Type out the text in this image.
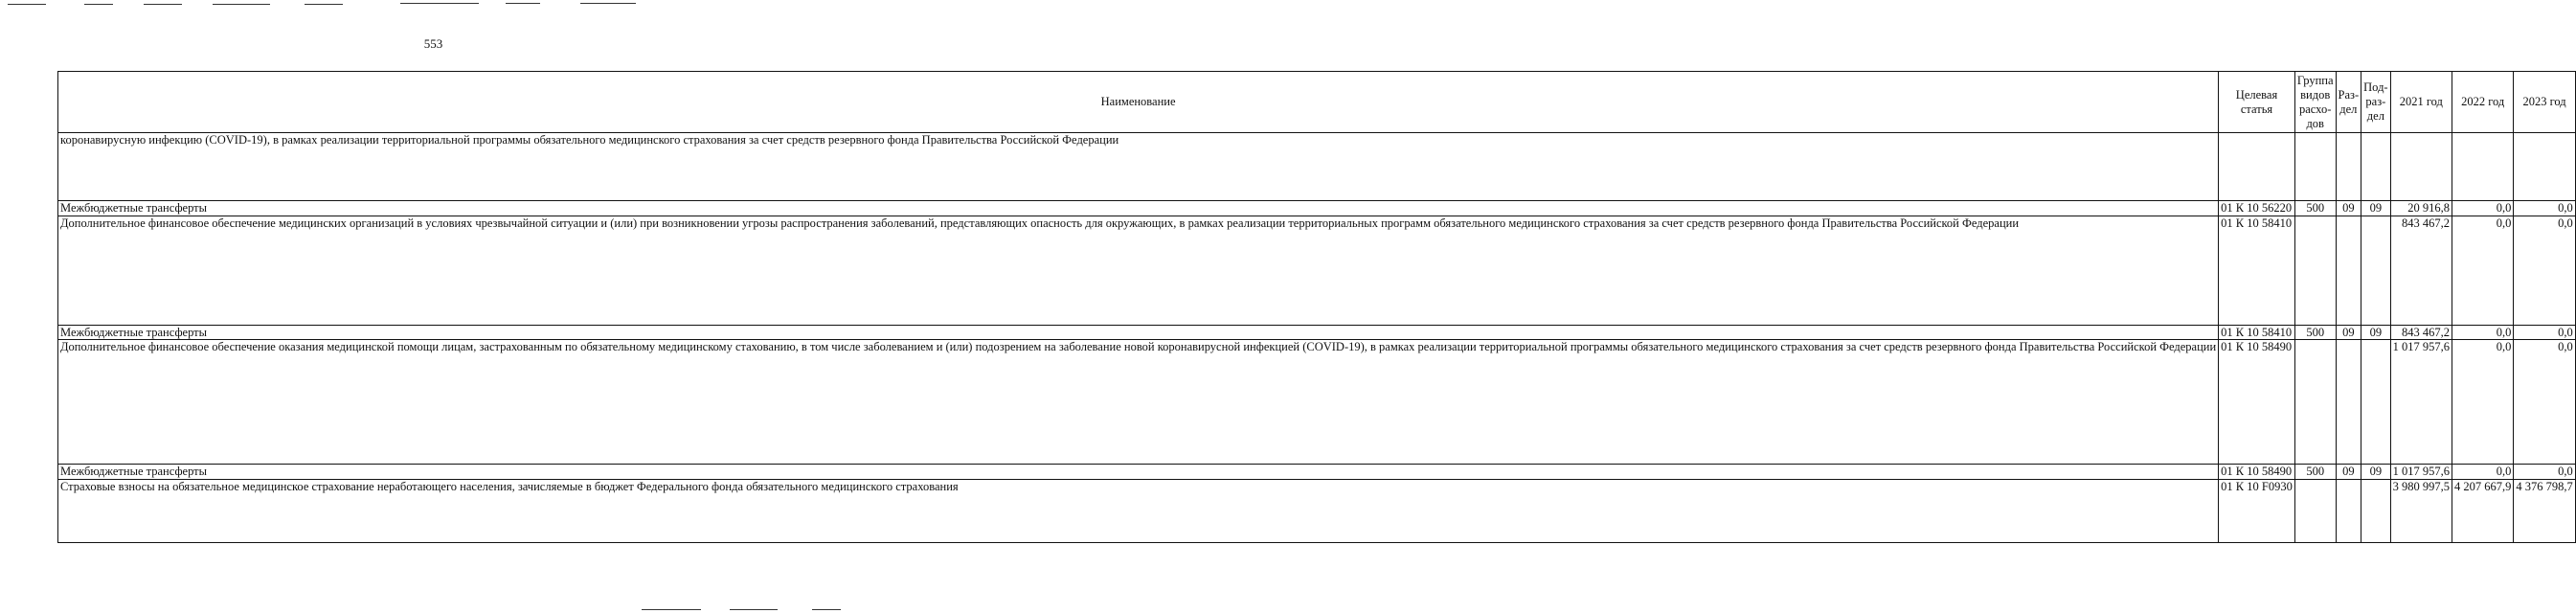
553
Наименование	Целевая статья	Группа видов расхо- дов	Раз- дел	Под- раз- дел	2021 год	2022 год	2023 год
коронавирусную инфекцию (COVID-19), в рамках реализации территориальной программы обязательного медицинского страхования за счет средств резервного фонда Правительства Российской Федерации							
Межбюджетные трансферты	01 К 10 56220	500	09	09	20 916,8	0,0	0,0
Дополнительное финансовое обеспечение медицинских организаций в условиях чрезвычайной ситуации и (или) при возникновении угрозы распространения заболеваний, представляющих опасность для окружающих, в рамках реализации территориальных программ обязательного медицинского страхования за счет средств резервного фонда Правительства Российской Федерации	01 К 10 58410				843 467,2	0,0	0,0
Межбюджетные трансферты	01 К 10 58410	500	09	09	843 467,2	0,0	0,0
Дополнительное финансовое обеспечение оказания медицинской помощи лицам, застрахованным по обязательному медицинскому стахованию, в том числе заболеванием и (или) подозрением на заболевание новой коронавирусной инфекцией (COVID-19), в рамках реализации территориальной программы обязательного медицинского страхования за счет средств резервного фонда Правительства Российской Федерации	01 К 10 58490				1 017 957,6	0,0	0,0
Межбюджетные трансферты	01 К 10 58490	500	09	09	1 017 957,6	0,0	0,0
Страховые взносы на обязательное медицинское страхование неработающего населения, зачисляемые в бюджет Федерального фонда обязательного медицинского страхования	01 К 10 F0930				3 980 997,5	4 207 667,9	4 376 798,7
